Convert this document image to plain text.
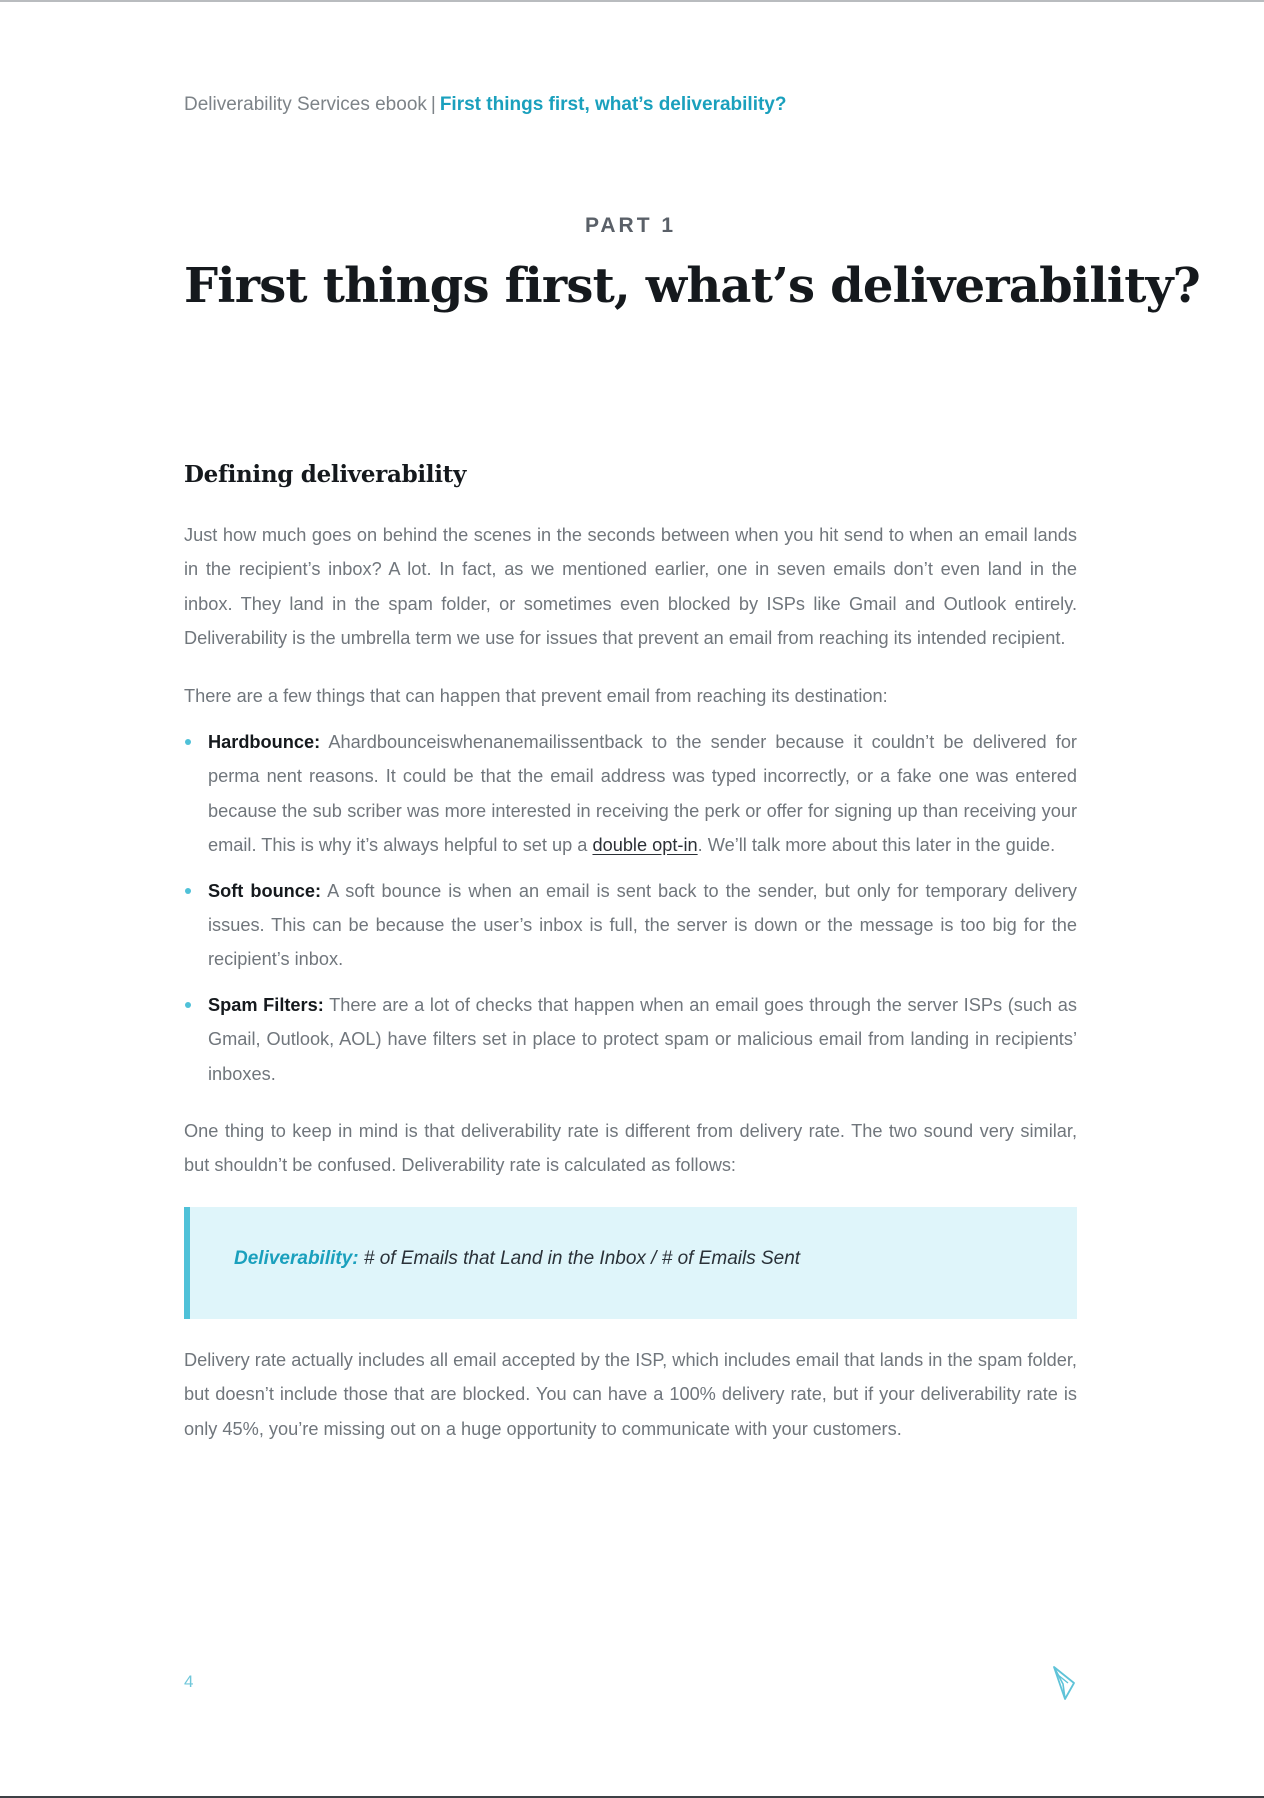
Deliverability Services ebook | First things first, what’s deliverability?
PART 1
First things first, what’s deliverability?
Defining deliverability

Just how much goes on behind the scenes in the seconds between when you hit send to when an email lands in the recipient’s inbox? A lot. In fact, as we mentioned earlier, one in seven emails don’t even land in the inbox. They land in the spam folder, or sometimes even blocked by ISPs like Gmail and Outlook entirely. Deliverability is the umbrella term we use for issues that prevent an email from reaching its intended recipient.

There are a few things that can happen that prevent email from reaching its destination:

Hardbounce: Ahardbounceiswhenanemailissentback to the sender because it couldn’t be delivered for perma nent reasons. It could be that the email address was typed incorrectly, or a fake one was entered because the sub scriber was more interested in receiving the perk or offer for signing up than receiving your email. This is why it’s always helpful to set up a double opt-in. We’ll talk more about this later in the guide.
Soft bounce: A soft bounce is when an email is sent back to the sender, but only for temporary delivery issues. This can be because the user’s inbox is full, the server is down or the message is too big for the recipient’s inbox.
Spam Filters: There are a lot of checks that happen when an email goes through the server ISPs (such as Gmail, Outlook, AOL) have filters set in place to protect spam or malicious email from landing in recipients’ inboxes.

One thing to keep in mind is that deliverability rate is different from delivery rate. The two sound very similar, but shouldn’t be confused. Deliverability rate is calculated as follows:

Deliverability: # of Emails that Land in the Inbox / # of Emails Sent

Delivery rate actually includes all email accepted by the ISP, which includes email that lands in the spam folder, but doesn’t include those that are blocked. You can have a 100% delivery rate, but if your deliverability rate is only 45%, you’re missing out on a huge opportunity to communicate with your customers.

4
